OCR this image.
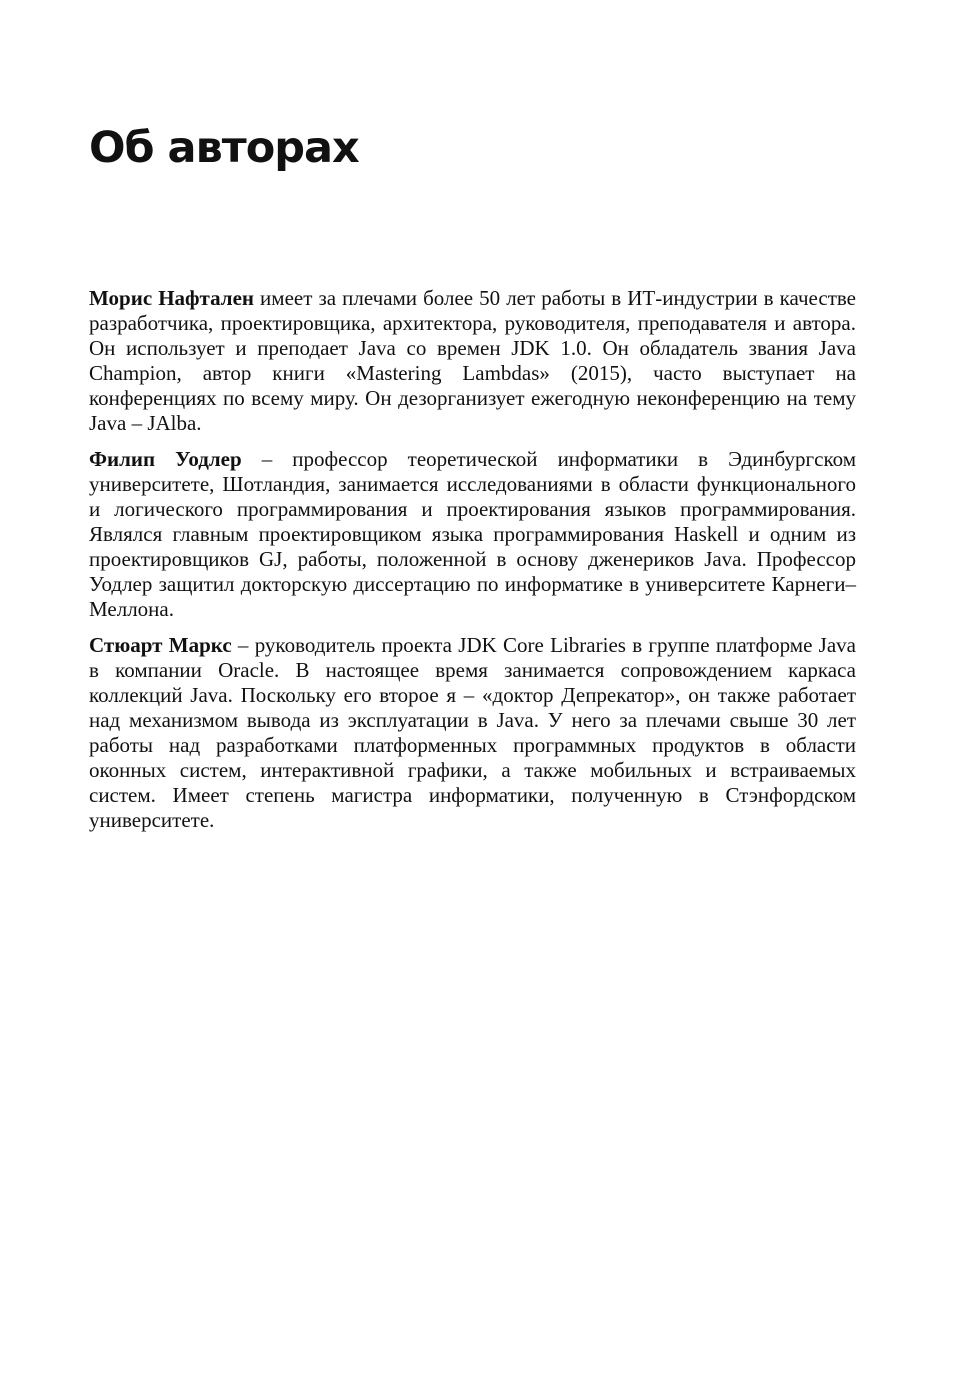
Об авторах

Морис Нафтален имеет за плечами более 50 лет работы в ИТ-индустрии в качестве разработчика, проектировщика, архитектора, руководителя, преподавателя и автора. Он использует и преподает Java со времен JDK 1.0. Он обладатель звания Java Champion, автор книги «Mastering Lambdas» (2015), часто выступает на конференциях по всему миру. Он дезорганизует ежегодную неконференцию на тему Java – JAlba.

Филип Уодлер – профессор теоретической информатики в Эдинбургском университете, Шотландия, занимается исследованиями в области функционального и логического программирования и проектирования языков программирования. Являлся главным проектировщиком языка программирования Haskell и одним из проектировщиков GJ, работы, положенной в основу дженериков Java. Профессор Уодлер защитил докторскую диссертацию по информатике в университете Карнеги–Меллона.

Стюарт Маркс – руководитель проекта JDK Core Libraries в группе платформе Java в компании Oracle. В настоящее время занимается сопровождением каркаса коллекций Java. Поскольку его второе я – «доктор Депрекатор», он также работает над механизмом вывода из эксплуатации в Java. У него за плечами свыше 30 лет работы над разработками платформенных программных продуктов в области оконных систем, интерактивной графики, а также мобильных и встраиваемых систем. Имеет степень магистра информатики, полученную в Стэнфордском университете.
